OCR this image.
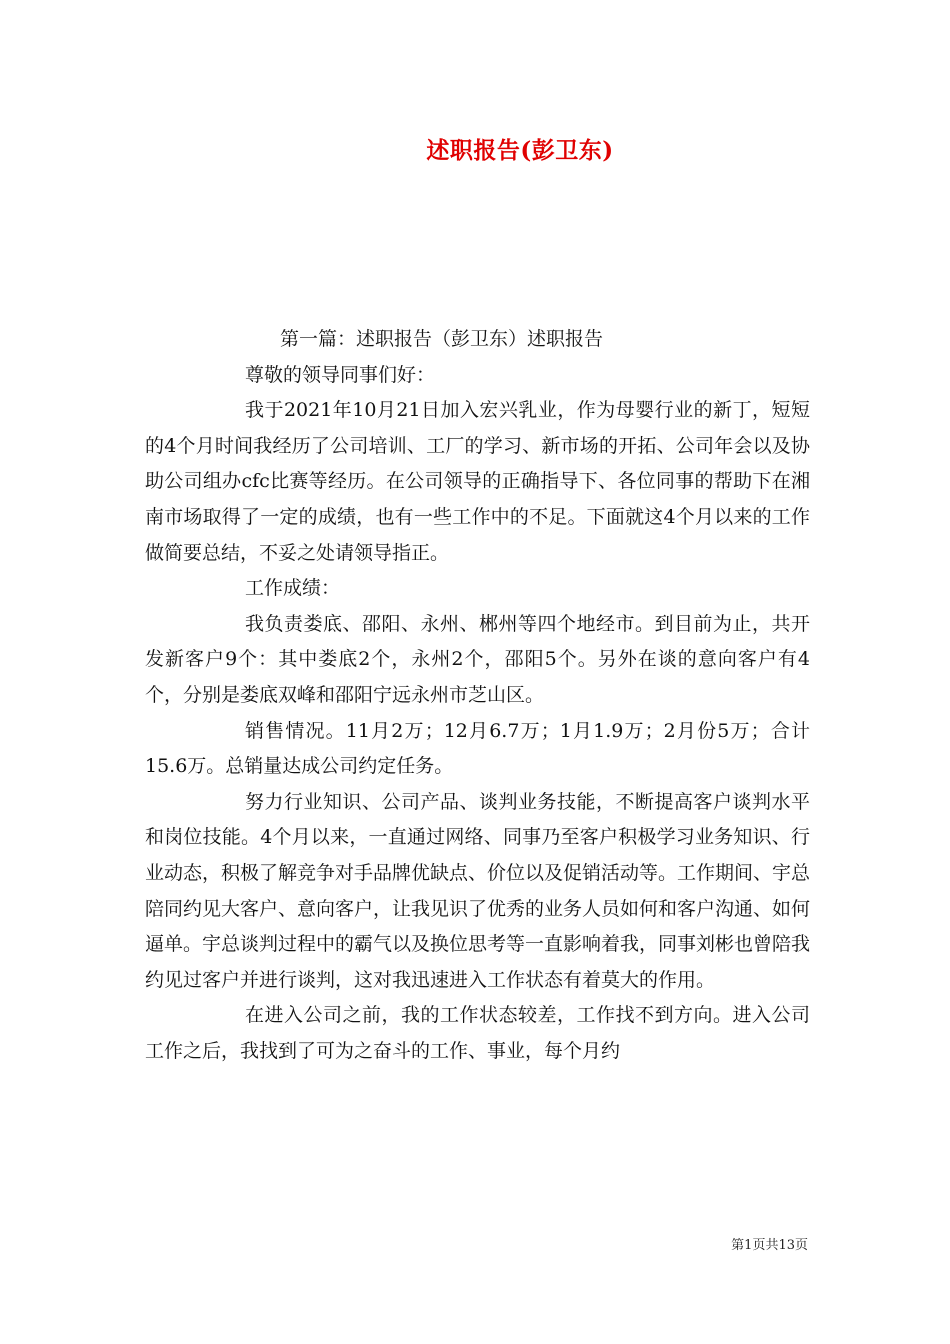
述职报告(彭卫东)

第一篇：述职报告（彭卫东）述职报告

尊敬的领导同事们好：

我于2021年10月21日加入宏兴乳业，作为母婴行业的新丁，短短的4个月时间我经历了公司培训、工厂的学习、新市场的开拓、公司年会以及协助公司组办cfc比赛等经历。在公司领导的正确指导下、各位同事的帮助下在湘南市场取得了一定的成绩，也有一些工作中的不足。下面就这4个月以来的工作做简要总结，不妥之处请领导指正。

工作成绩：

我负责娄底、邵阳、永州、郴州等四个地经市。到目前为止，共开发新客户9个：其中娄底2个，永州2个，邵阳5个。另外在谈的意向客户有4个，分别是娄底双峰和邵阳宁远永州市芝山区。

销售情况。11月2万；12月6.7万；1月1.9万；2月份5万；合计15.6万。总销量达成公司约定任务。

努力行业知识、公司产品、谈判业务技能，不断提高客户谈判水平和岗位技能。4个月以来，一直通过网络、同事乃至客户积极学习业务知识、行业动态，积极了解竞争对手品牌优缺点、价位以及促销活动等。工作期间、宇总陪同约见大客户、意向客户，让我见识了优秀的业务人员如何和客户沟通、如何逼单。宇总谈判过程中的霸气以及换位思考等一直影响着我，同事刘彬也曾陪我约见过客户并进行谈判，这对我迅速进入工作状态有着莫大的作用。

在进入公司之前，我的工作状态较差，工作找不到方向。进入公司工作之后，我找到了可为之奋斗的工作、事业，每个月约

第1页共13页
